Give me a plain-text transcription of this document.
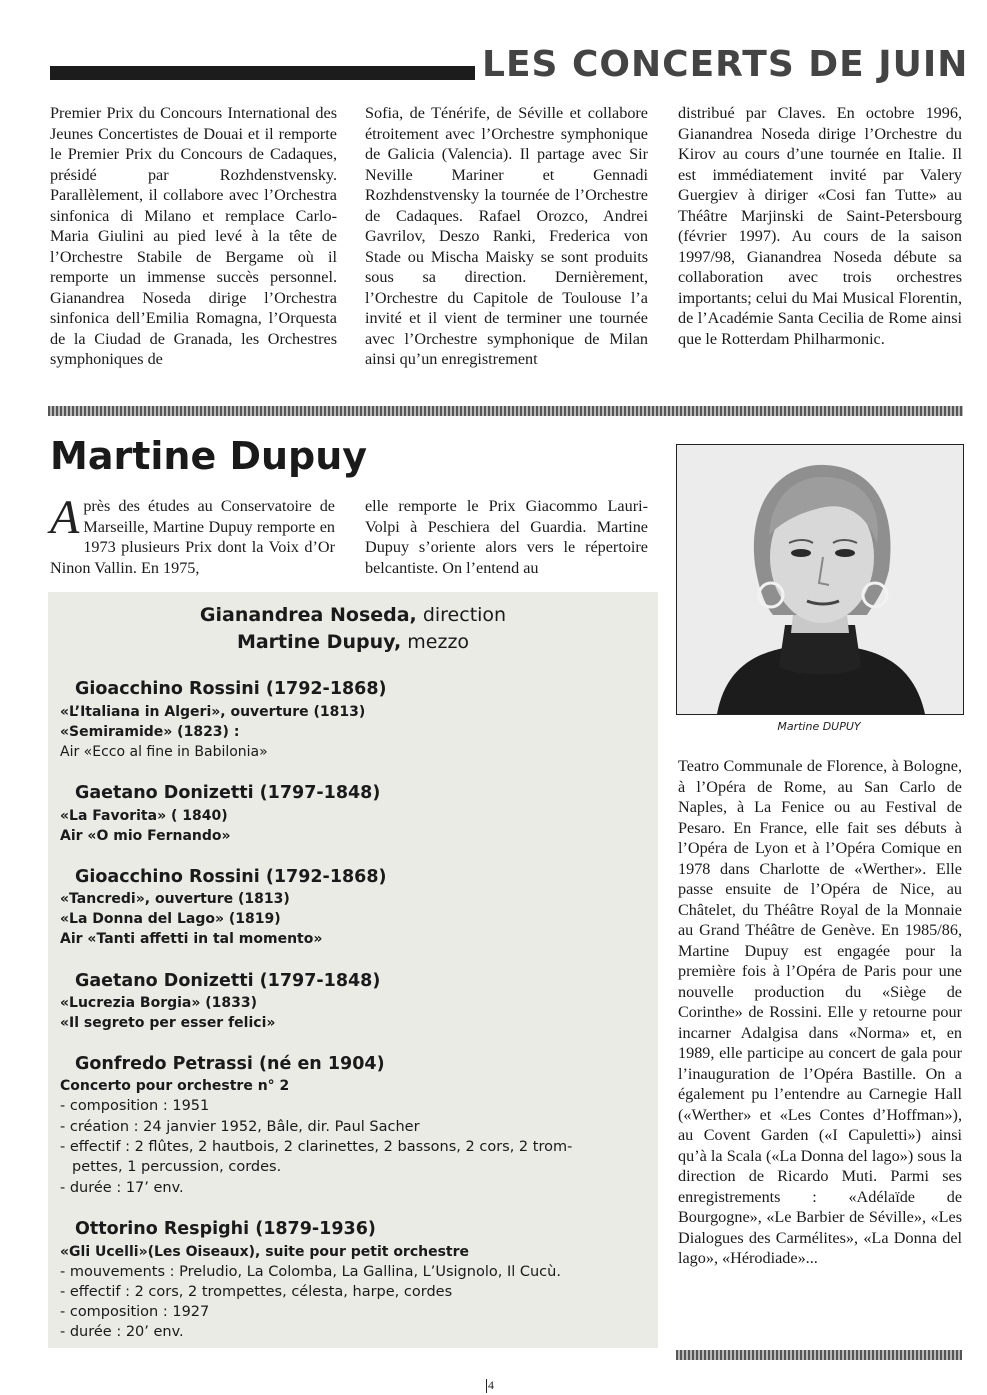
LES CONCERTS DE JUIN
Premier Prix du Concours International des Jeunes Concertistes de Douai et il remporte le Premier Prix du Concours de Cadaques, présidé par Rozhdenstvensky. Parallèlement, il collabore avec l’Orchestra sinfonica di Milano et remplace Carlo-Maria Giulini au pied levé à la tête de l’Orchestre Stabile de Bergame où il remporte un immense succès personnel. Gianandrea Noseda dirige l’Orchestra sinfonica dell’Emilia Romagna, l’Orquesta de la Ciudad de Granada, les Orchestres symphoniques de
Sofia, de Ténérife, de Séville et collabore étroitement avec l’Orchestre symphonique de Galicia (Valencia). Il partage avec Sir Neville Mariner et Gennadi Rozhdenstvensky la tournée de l’Orchestre de Cadaques. Rafael Orozco, Andrei Gavrilov, Deszo Ranki, Frederica von Stade ou Mischa Maisky se sont produits sous sa direction. Dernièrement, l’Orchestre du Capitole de Toulouse l’a invité et il vient de terminer une tournée avec l’Orchestre symphonique de Milan ainsi qu’un enregistrement
distribué par Claves. En octobre 1996, Gianandrea Noseda dirige l’Orchestre du Kirov au cours d’une tournée en Italie. Il est immédiatement invité par Valery Guergiev à diriger «Cosi fan Tutte» au Théâtre Marjinski de Saint-Petersbourg (février 1997). Au cours de la saison 1997/98, Gianandrea Noseda débute sa collaboration avec trois orchestres importants; celui du Mai Musical Florentin, de l’Académie Santa Cecilia de Rome ainsi que le Rotterdam Philharmonic.
Martine Dupuy
Après des études au Conservatoire de Marseille, Martine Dupuy remporte en 1973 plusieurs Prix dont la Voix d’Or Ninon Vallin. En 1975,
elle remporte le Prix Giacommo Lauri-Volpi à Peschiera del Guardia. Martine Dupuy s’oriente alors vers le répertoire belcantiste. On l’entend au
Martine DUPUY
Teatro Communale de Florence, à Bologne, à l’Opéra de Rome, au San Carlo de Naples, à La Fenice ou au Festival de Pesaro. En France, elle fait ses débuts à l’Opéra de Lyon et à l’Opéra Comique en 1978 dans Charlotte de «Werther». Elle passe ensuite de l’Opéra de Nice, au Châtelet, du Théâtre Royal de la Monnaie au Grand Théâtre de Genève. En 1985/86, Martine Dupuy est engagée pour la première fois à l’Opéra de Paris pour une nouvelle production du «Siège de Corinthe» de Rossini. Elle y retourne pour incarner Adalgisa dans «Norma» et, en 1989, elle participe au concert de gala pour l’inauguration de l’Opéra Bastille. On a également pu l’entendre au Carnegie Hall («Werther» et «Les Contes d’Hoffman»), au Covent Garden («I Capuletti») ainsi qu’à la Scala («La Donna del lago») sous la direction de Ricardo Muti. Parmi ses enregistrements : «Adélaïde de Bourgogne», «Le Barbier de Séville», «Les Dialogues des Carmélites», «La Donna del lago», «Hérodiade»...
Gianandrea Noseda, direction
Martine Dupuy, mezzo
Gioacchino Rossini (1792-1868)
«L’Italiana in Algeri», ouverture (1813)
«Semiramide» (1823) :
Air «Ecco al fine in Babilonia»
Gaetano Donizetti (1797-1848)
«La Favorita» ( 1840)
Air «O mio Fernando»
Gioacchino Rossini (1792-1868)
«Tancredi», ouverture (1813)
«La Donna del Lago» (1819)
Air «Tanti affetti in tal momento»
Gaetano Donizetti (1797-1848)
«Lucrezia Borgia» (1833)
«Il segreto per esser felici»
Gonfredo Petrassi (né en 1904)
Concerto pour orchestre n° 2
- composition : 1951
- création : 24 janvier 1952, Bâle, dir. Paul Sacher
- effectif : 2 flûtes, 2 hautbois, 2 clarinettes, 2 bassons, 2 cors, 2 trom-
pettes, 1 percussion, cordes.
- durée : 17’ env.
Ottorino Respighi (1879-1936)
«Gli Ucelli»(Les Oiseaux), suite pour petit orchestre
- mouvements : Preludio, La Colomba, La Gallina, L’Usignolo, Il Cucù.
- effectif : 2 cors, 2 trompettes, célesta, harpe, cordes
- composition : 1927
- durée : 20’ env.
4
